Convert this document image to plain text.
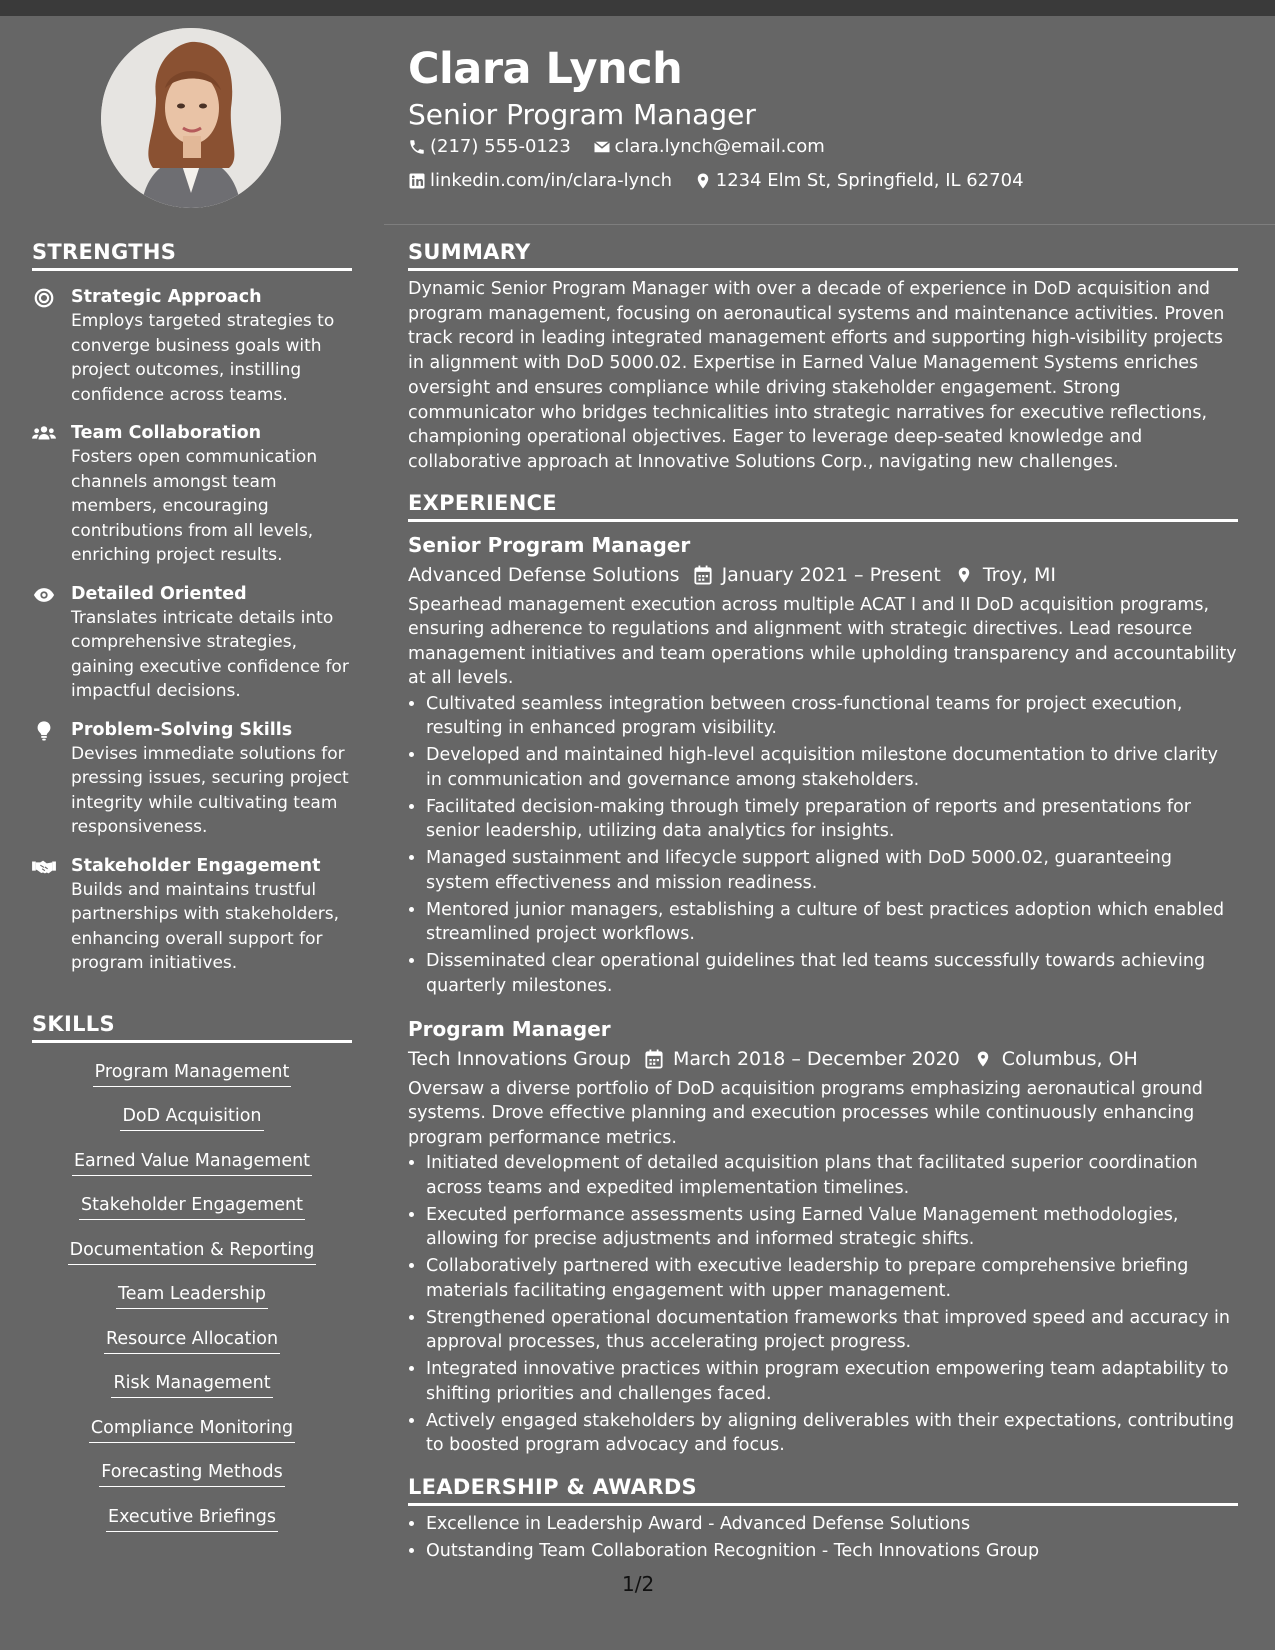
Clara Lynch

Senior Program Manager

(217) 555-0123
clara.lynch@email.com
linkedin.com/in/clara-lynch
1234 Elm St, Springfield, IL 62704
STRENGTHS
Strategic Approach
Employs targeted strategies to converge business goals with project outcomes, instilling confidence across teams.
Team Collaboration
Fosters open communication channels amongst team members, encouraging contributions from all levels, enriching project results.
Detailed Oriented
Translates intricate details into comprehensive strategies, gaining executive confidence for impactful decisions.
Problem-Solving Skills
Devises immediate solutions for pressing issues, securing project integrity while cultivating team responsiveness.
Stakeholder Engagement
Builds and maintains trustful partnerships with stakeholders, enhancing overall support for program initiatives.
SKILLS
Program Management
DoD Acquisition
Earned Value Management
Stakeholder Engagement
Documentation & Reporting
Team Leadership
Resource Allocation
Risk Management
Compliance Monitoring
Forecasting Methods
Executive Briefings
SUMMARY

Dynamic Senior Program Manager with over a decade of experience in DoD acquisition and program management, focusing on aeronautical systems and maintenance activities. Proven track record in leading integrated management efforts and supporting high-visibility projects in alignment with DoD 5000.02. Expertise in Earned Value Management Systems enriches oversight and ensures compliance while driving stakeholder engagement. Strong communicator who bridges technicalities into strategic narratives for executive reflections, championing operational objectives. Eager to leverage deep-seated knowledge and collaborative approach at Innovative Solutions Corp., navigating new challenges.

EXPERIENCE
Senior Program Manager
Advanced Defense Solutions January 2021 – Present Troy, MI

Spearhead management execution across multiple ACAT I and II DoD acquisition programs, ensuring adherence to regulations and alignment with strategic directives. Lead resource management initiatives and team operations while upholding transparency and accountability at all levels.

• Cultivated seamless integration between cross-functional teams for project execution, resulting in enhanced program visibility.
• Developed and maintained high-level acquisition milestone documentation to drive clarity in communication and governance among stakeholders.
• Facilitated decision-making through timely preparation of reports and presentations for senior leadership, utilizing data analytics for insights.
• Managed sustainment and lifecycle support aligned with DoD 5000.02, guaranteeing system effectiveness and mission readiness.
• Mentored junior managers, establishing a culture of best practices adoption which enabled streamlined project workflows.
• Disseminated clear operational guidelines that led teams successfully towards achieving quarterly milestones.
Program Manager
Tech Innovations Group March 2018 – December 2020 Columbus, OH

Oversaw a diverse portfolio of DoD acquisition programs emphasizing aeronautical ground systems. Drove effective planning and execution processes while continuously enhancing program performance metrics.

• Initiated development of detailed acquisition plans that facilitated superior coordination across teams and expedited implementation timelines.
• Executed performance assessments using Earned Value Management methodologies, allowing for precise adjustments and informed strategic shifts.
• Collaboratively partnered with executive leadership to prepare comprehensive briefing materials facilitating engagement with upper management.
• Strengthened operational documentation frameworks that improved speed and accuracy in approval processes, thus accelerating project progress.
• Integrated innovative practices within program execution empowering team adaptability to shifting priorities and challenges faced.
• Actively engaged stakeholders by aligning deliverables with their expectations, contributing to boosted program advocacy and focus.
LEADERSHIP & AWARDS
• Excellence in Leadership Award - Advanced Defense Solutions
• Outstanding Team Collaboration Recognition - Tech Innovations Group
1/2
